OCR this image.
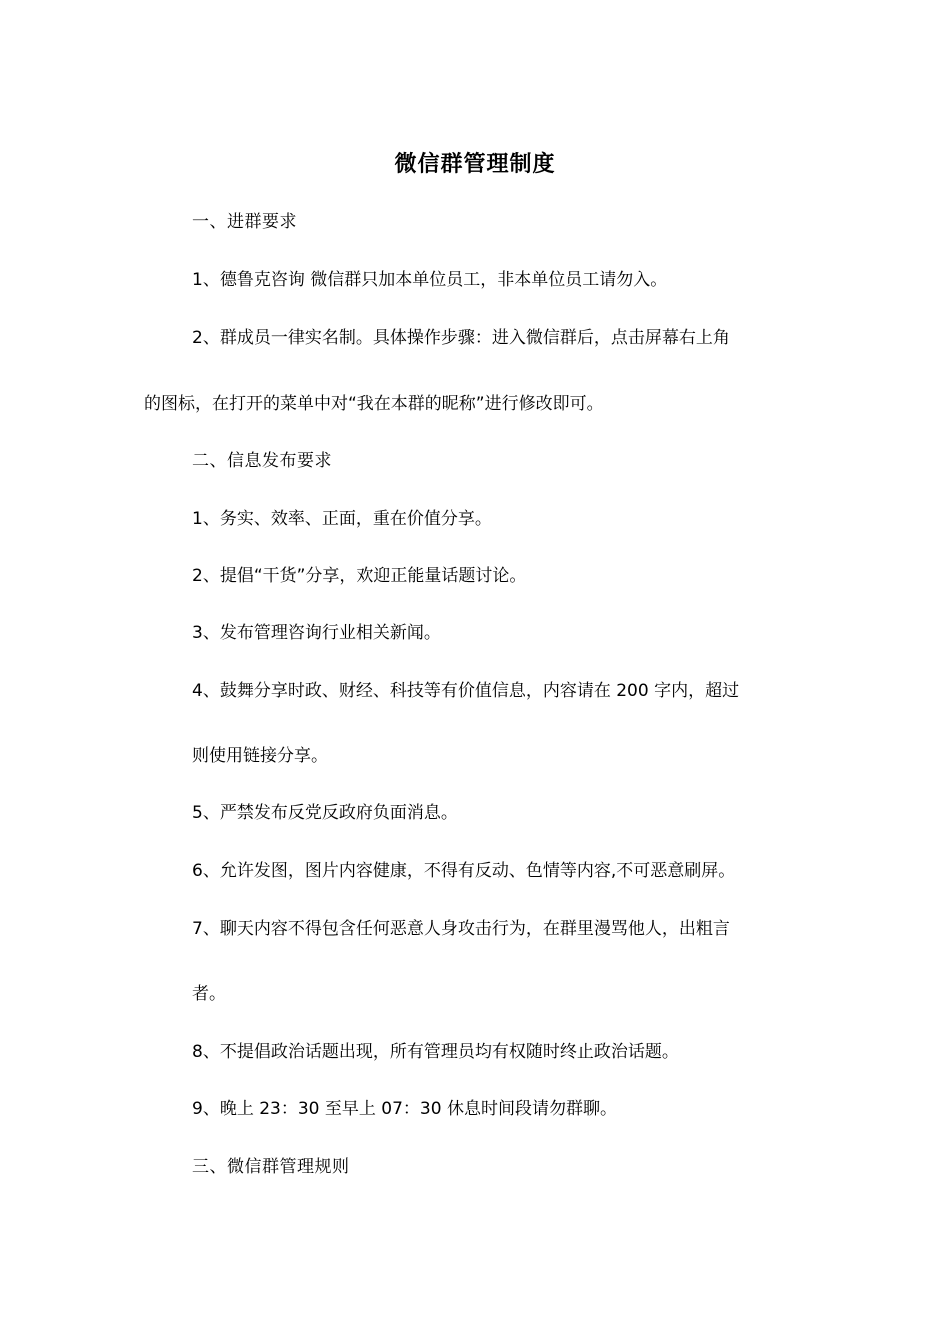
微信群管理制度
一、进群要求
1、德鲁克咨询 微信群只加本单位员工，非本单位员工请勿入。
2、群成员一律实名制。具体操作步骤：进入微信群后，点击屏幕右上角
的图标，在打开的菜单中对“我在本群的昵称”进行修改即可。
二、信息发布要求
1、务实、效率、正面，重在价值分享。
2、提倡“干货”分享，欢迎正能量话题讨论。
3、发布管理咨询行业相关新闻。
4、鼓舞分享时政、财经、科技等有价值信息，内容请在 200 字内，超过
则使用链接分享。
5、严禁发布反党反政府负面消息。
6、允许发图，图片内容健康，不得有反动、色情等内容,不可恶意刷屏。
7、聊天内容不得包含任何恶意人身攻击行为，在群里漫骂他人，出粗言
者。
8、不提倡政治话题出现，所有管理员均有权随时终止政治话题。
9、晚上 23：30 至早上 07：30 休息时间段请勿群聊。
三、微信群管理规则
